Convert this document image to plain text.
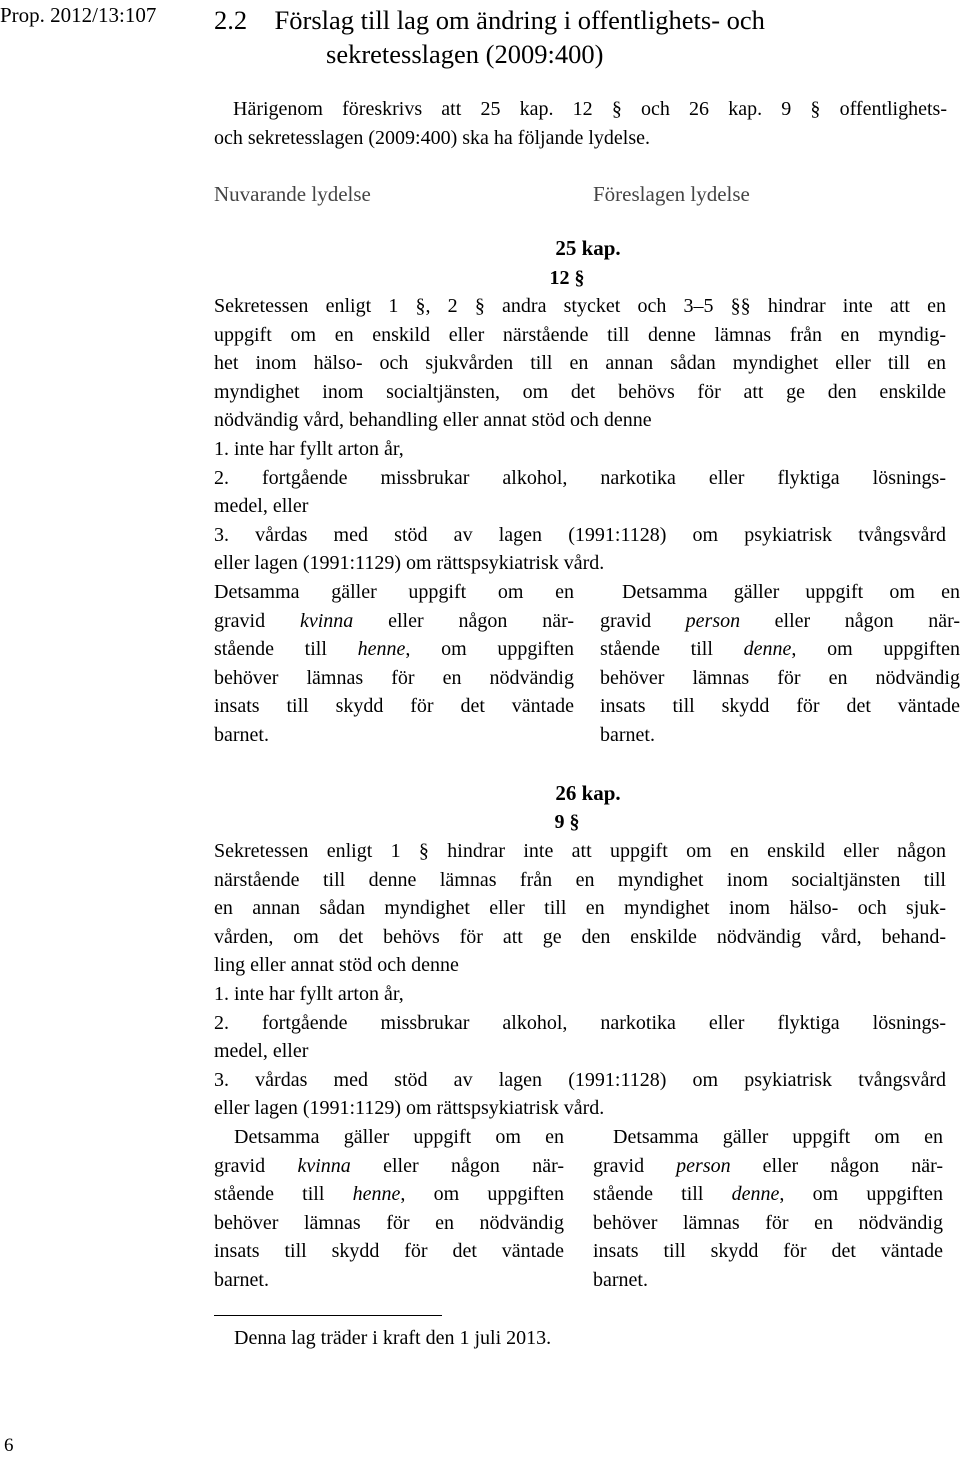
Prop. 2012/13:107 2.2 Förslag till lag om ändring i offentlighets- och
sekretesslagen (2009:400)
Härigenom föreskrivs att 25 kap. 12 § och 26 kap. 9 § offentlighets-
och sekretesslagen (2009:400) ska ha följande lydelse.
Nuvarande lydelse	Föreslagen lydelse
25 kap.
12 §
Sekretessen enligt 1 §, 2 § andra stycket och 3–5 §§ hindrar inte att en
uppgift om en enskild eller närstående till denne lämnas från en myndig-
het inom hälso- och sjukvården till en annan sådan myndighet eller till en
myndighet inom socialtjänsten, om det behövs för att ge den enskilde
nödvändig vård, behandling eller annat stöd och denne
1. inte har fyllt arton år,
2. fortgående missbrukar alkohol, narkotika eller flyktiga lösnings-
medel, eller
3. vårdas med stöd av lagen (1991:1128) om psykiatrisk tvångsvård
eller lagen (1991:1129) om rättspsykiatrisk vård.
Detsamma gäller uppgift om en
gravid kvinna eller någon när-
stående till henne, om uppgiften
behöver lämnas för en nödvändig
insats till skydd för det väntade
barnet.
Detsamma gäller uppgift om en
gravid person eller någon när-
stående till denne, om uppgiften
behöver lämnas för en nödvändig
insats till skydd för det väntade
barnet.
26 kap.
9 §
Sekretessen enligt 1 § hindrar inte att uppgift om en enskild eller någon
närstående till denne lämnas från en myndighet inom socialtjänsten till
en annan sådan myndighet eller till en myndighet inom hälso- och sjuk-
vården, om det behövs för att ge den enskilde nödvändig vård, behand-
ling eller annat stöd och denne
1. inte har fyllt arton år,
2. fortgående missbrukar alkohol, narkotika eller flyktiga lösnings-
medel, eller
3. vårdas med stöd av lagen (1991:1128) om psykiatrisk tvångsvård
eller lagen (1991:1129) om rättspsykiatrisk vård.
Detsamma gäller uppgift om en
gravid kvinna eller någon när-
stående till henne, om uppgiften
behöver lämnas för en nödvändig
insats till skydd för det väntade
barnet.
Detsamma gäller uppgift om en
gravid person eller någon när-
stående till denne, om uppgiften
behöver lämnas för en nödvändig
insats till skydd för det väntade
barnet.
Denna lag träder i kraft den 1 juli 2013.
6
